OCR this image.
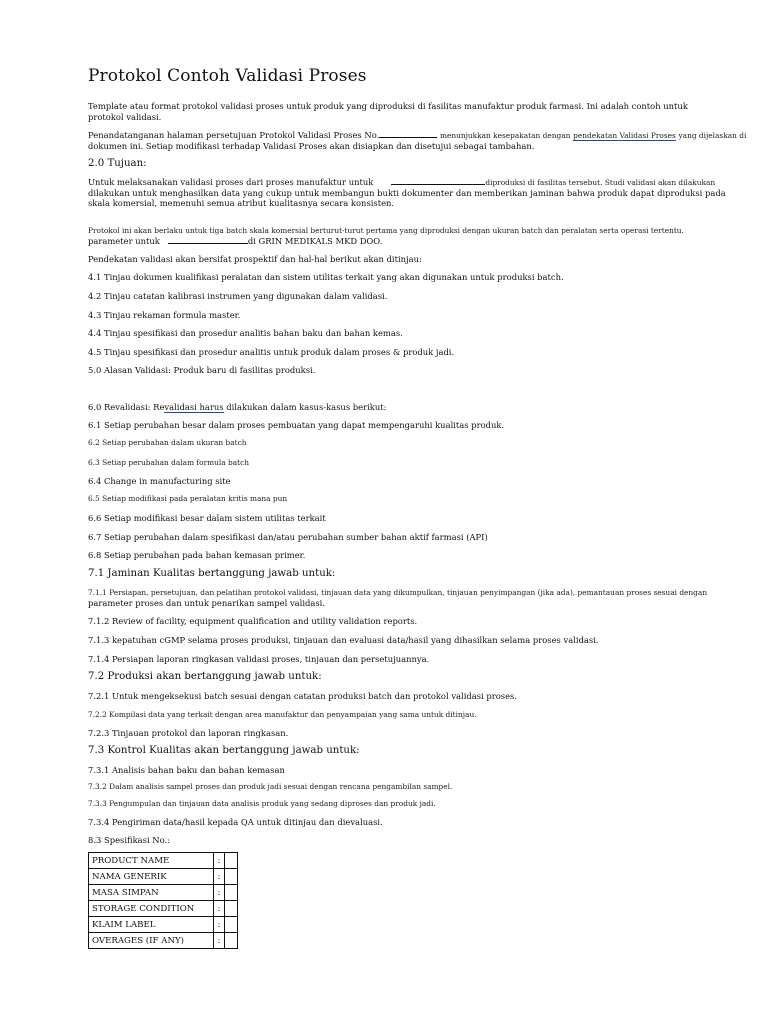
Protokol Contoh Validasi Proses
Template atau format protokol validasi proses untuk produk yang diproduksi di fasilitas manufaktur produk farmasi. Ini adalah contoh untuk
protokol validasi.
Penandatanganan halaman persetujuan Protokol Validasi Proses No.	menunjukkan kesepakatan dengan pendekatan Validasi Proses yang dijelaskan di
dokumen ini. Setiap modifikasi terhadap Validasi Proses akan disiapkan dan disetujui sebagai tambahan.
2.0 Tujuan:
Untuk melaksanakan validasi proses dari proses manufaktur untuk	diproduksi di fasilitas tersebut. Studi validasi akan dilakukan
dilakukan untuk menghasilkan data yang cukup untuk membangun bukti dokumenter dan memberikan jaminan bahwa produk dapat diproduksi pada
skala komersial, memenuhi semua atribut kualitasnya secara konsisten.
Protokol ini akan berlaku untuk tiga batch skala komersial berturut-turut pertama yang diproduksi dengan ukuran batch dan peralatan serta operasi tertentu.
parameter untuk	di GRIN MEDIKALS MKD DOO.
Pendekatan validasi akan bersifat prospektif dan hal-hal berikut akan ditinjau:
4.1 Tinjau dokumen kualifikasi peralatan dan sistem utilitas terkait yang akan digunakan untuk produksi batch.
4.2 Tinjau catatan kalibrasi instrumen yang digunakan dalam validasi.
4.3 Tinjau rekaman formula master.
4.4 Tinjau spesifikasi dan prosedur analitis bahan baku dan bahan kemas.
4.5 Tinjau spesifikasi dan prosedur analitis untuk produk dalam proses & produk jadi.
5.0 Alasan Validasi: Produk baru di fasilitas produksi.
6.0 Revalidasi: Revalidasi harus dilakukan dalam kasus-kasus berikut:
6.1 Setiap perubahan besar dalam proses pembuatan yang dapat mempengaruhi kualitas produk.
6.2 Setiap perubahan dalam ukuran batch
6.3 Setiap perubahan dalam formula batch
6.4 Change in manufacturing site
6.5 Setiap modifikasi pada peralatan kritis mana pun
6.6 Setiap modifikasi besar dalam sistem utilitas terkait
6.7 Setiap perubahan dalam spesifikasi dan/atau perubahan sumber bahan aktif farmasi (API)
6.8 Setiap perubahan pada bahan kemasan primer.
7.1 Jaminan Kualitas bertanggung jawab untuk:
7.1.1 Persiapan, persetujuan, dan pelatihan protokol validasi, tinjauan data yang dikumpulkan, tinjauan penyimpangan (jika ada), pemantauan proses sesuai dengan
parameter proses dan untuk penarikan sampel validasi.
7.1.2 Review of facility, equipment qualification and utility validation reports.
7.1.3 kepatuhan cGMP selama proses produksi, tinjauan dan evaluasi data/hasil yang dihasilkan selama proses validasi.
7.1.4 Persiapan laporan ringkasan validasi proses, tinjauan dan persetujuannya.
7.2 Produksi akan bertanggung jawab untuk:
7.2.1 Untuk mengeksekusi batch sesuai dengan catatan produksi batch dan protokol validasi proses.
7.2.2 Kompilasi data yang terkait dengan area manufaktur dan penyampaian yang sama untuk ditinjau.
7.2.3 Tinjauan protokol dan laporan ringkasan.
7.3 Kontrol Kualitas akan bertanggung jawab untuk:
7.3.1 Analisis bahan baku dan bahan kemasan
7.3.2 Dalam analisis sampel proses dan produk jadi sesuai dengan rencana pengambilan sampel.
7.3.3 Pengumpulan dan tinjauan data analisis produk yang sedang diproses dan produk jadi.
7.3.4 Pengiriman data/hasil kepada QA untuk ditinjau dan dievaluasi.
8.3 Spesifikasi No.:
PRODUCT NAME	:	
NAMA GENERIK	:	
MASA SIMPAN	:	
STORAGE CONDITION	:	
KLAIM LABEL	:	
OVERAGES (IF ANY)	:	
